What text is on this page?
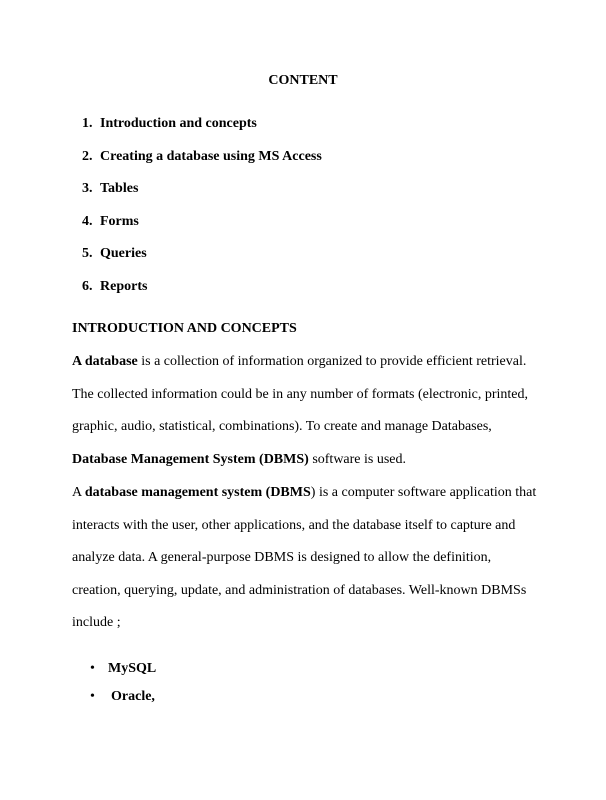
CONTENT
1. Introduction and concepts
2. Creating a database using MS Access
3. Tables
4. Forms
5. Queries
6. Reports
INTRODUCTION AND CONCEPTS

A database is a collection of information organized to provide efficient retrieval. The collected information could be in any number of formats (electronic, printed, graphic, audio, statistical, combinations). To create and manage Databases, Database Management System (DBMS) software is used.

A database management system (DBMS) is a computer software application that interacts with the user, other applications, and the database itself to capture and analyze data. A general-purpose DBMS is designed to allow the definition, creation, querying, update, and administration of databases. Well-known DBMSs include ;

• MySQL
•	Oracle,
